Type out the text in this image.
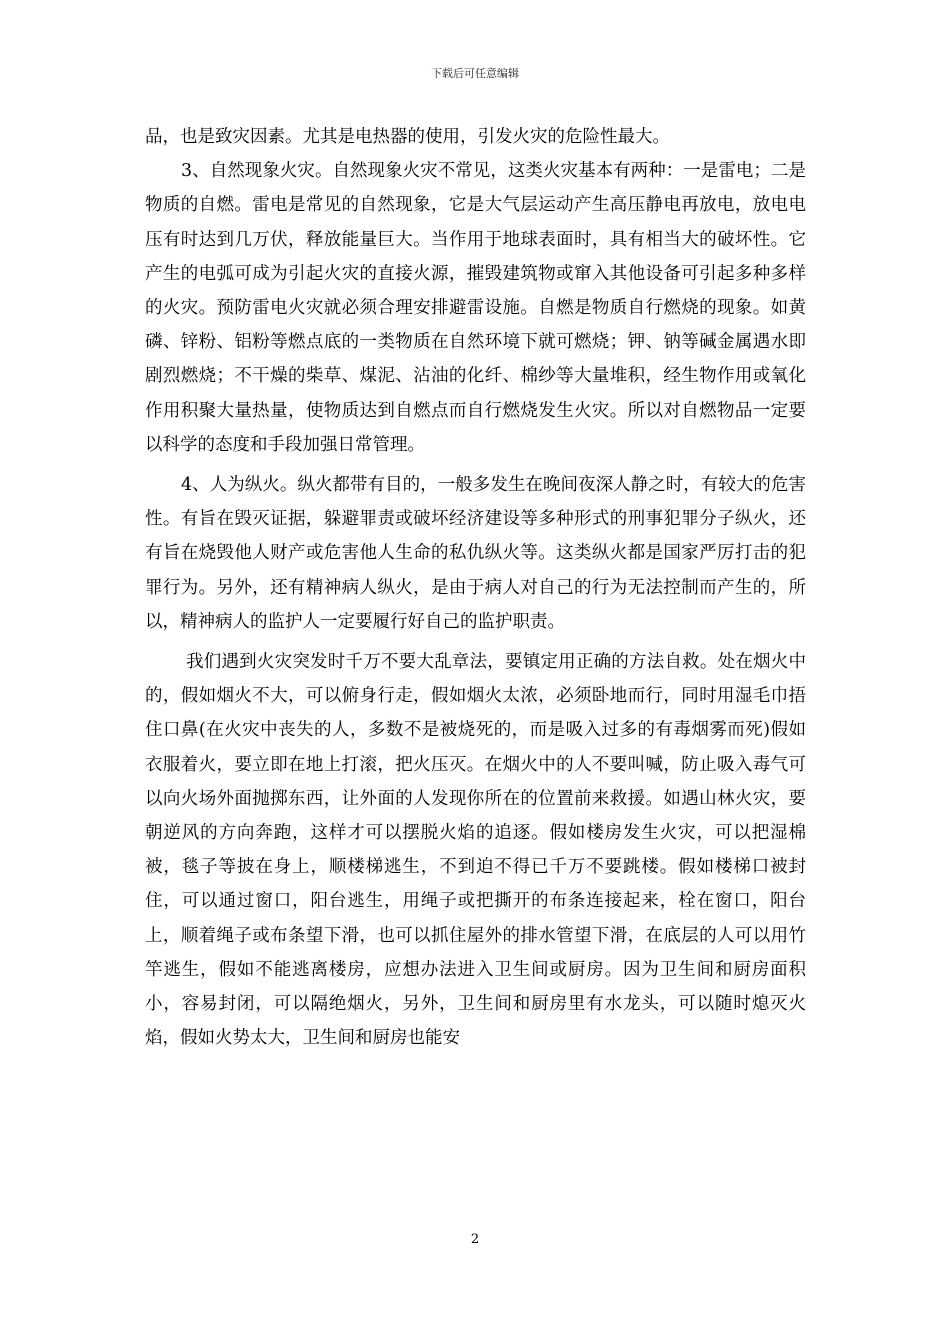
下载后可任意编辑

品，也是致灾因素。尤其是电热器的使用，引发火灾的危险性最大。

3、自然现象火灾。自然现象火灾不常见，这类火灾基本有两种：一是雷电；二是物质的自燃。雷电是常见的自然现象，它是大气层运动产生高压静电再放电，放电电压有时达到几万伏，释放能量巨大。当作用于地球表面时，具有相当大的破坏性。它产生的电弧可成为引起火灾的直接火源，摧毁建筑物或窜入其他设备可引起多种多样的火灾。预防雷电火灾就必须合理安排避雷设施。自燃是物质自行燃烧的现象。如黄磷、锌粉、铝粉等燃点底的一类物质在自然环境下就可燃烧；钾、钠等碱金属遇水即剧烈燃烧；不干燥的柴草、煤泥、沾油的化纤、棉纱等大量堆积，经生物作用或氧化作用积聚大量热量，使物质达到自燃点而自行燃烧发生火灾。所以对自燃物品一定要以科学的态度和手段加强日常管理。

4、人为纵火。纵火都带有目的，一般多发生在晚间夜深人静之时，有较大的危害性。有旨在毁灭证据，躲避罪责或破坏经济建设等多种形式的刑事犯罪分子纵火，还有旨在烧毁他人财产或危害他人生命的私仇纵火等。这类纵火都是国家严厉打击的犯罪行为。另外，还有精神病人纵火，是由于病人对自己的行为无法控制而产生的，所以，精神病人的监护人一定要履行好自己的监护职责。

我们遇到火灾突发时千万不要大乱章法，要镇定用正确的方法自救。处在烟火中的，假如烟火不大，可以俯身行走，假如烟火太浓，必须卧地而行，同时用湿毛巾捂住口鼻(在火灾中丧失的人，多数不是被烧死的，而是吸入过多的有毒烟雾而死)假如衣服着火，要立即在地上打滚，把火压灭。在烟火中的人不要叫喊，防止吸入毒气可以向火场外面抛掷东西，让外面的人发现你所在的位置前来救援。如遇山林火灾，要朝逆风的方向奔跑，这样才可以摆脱火焰的追逐。假如楼房发生火灾，可以把湿棉被，毯子等披在身上，顺楼梯逃生，不到迫不得已千万不要跳楼。假如楼梯口被封住，可以通过窗口，阳台逃生，用绳子或把撕开的布条连接起来，栓在窗口，阳台上，顺着绳子或布条望下滑，也可以抓住屋外的排水管望下滑，在底层的人可以用竹竿逃生，假如不能逃离楼房，应想办法进入卫生间或厨房。因为卫生间和厨房面积小，容易封闭，可以隔绝烟火，另外，卫生间和厨房里有水龙头，可以随时熄灭火焰，假如火势太大，卫生间和厨房也能安

2
